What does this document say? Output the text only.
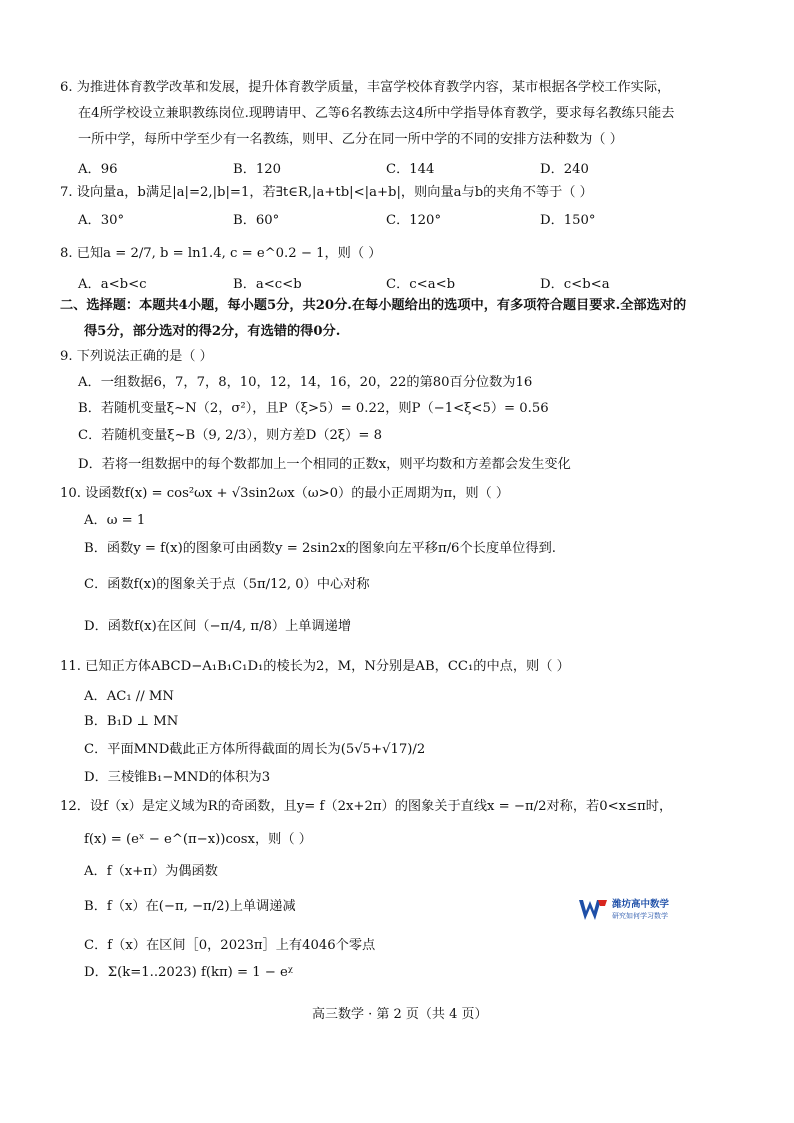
6. 为推进体育教学改革和发展，提升体育教学质量，丰富学校体育教学内容，某市根据各学校工作实际，
在4所学校设立兼职教练岗位.现聘请甲、乙等6名教练去这4所中学指导体育教学，要求每名教练只能去
一所中学，每所中学至少有一名教练，则甲、乙分在同一所中学的不同的安排方法种数为（ ）
A．96	B．120	C．144	D．240
7. 设向量a，b满足|a|=2,|b|=1，若∃t∈R,|a+tb|<|a+b|，则向量a与b的夹角不等于（ ）
A．30°	B．60°	C．120°	D．150°
8. 已知a = 2/7, b = ln1.4, c = e^0.2 − 1，则（ ）
A．a<b<c	B．a<c<b	C．c<a<b	D．c<b<a
二、选择题：本题共4小题，每小题5分，共20分.在每小题给出的选项中，有多项符合题目要求.全部选对的
得5分，部分选对的得2分，有选错的得0分.
9. 下列说法正确的是（ ）
A．一组数据6，7，7，8，10，12，14，16，20，22的第80百分位数为16
B．若随机变量ξ~N（2，σ²），且P（ξ>5）= 0.22，则P（−1<ξ<5）= 0.56
C．若随机变量ξ~B（9, 2/3），则方差D（2ξ）= 8
D．若将一组数据中的每个数都加上一个相同的正数x，则平均数和方差都会发生变化
10. 设函数f(x) = cos²ωx + √3sin2ωx（ω>0）的最小正周期为π，则（ ）
A．ω = 1
B．函数y = f(x)的图象可由函数y = 2sin2x的图象向左平移π/6个长度单位得到.
C．函数f(x)的图象关于点（5π/12, 0）中心对称
D．函数f(x)在区间（−π/4, π/8）上单调递增
11. 已知正方体ABCD−A₁B₁C₁D₁的棱长为2，M，N分别是AB，CC₁的中点，则（ ）
A．AC₁ // MN
B．B₁D ⊥ MN
C．平面MND截此正方体所得截面的周长为(5√5+√17)/2
D．三棱锥B₁−MND的体积为3
12．设f（x）是定义域为R的奇函数，且y= f（2x+2π）的图象关于直线x = −π/2对称，若0<x≤π时，
f(x) = (eˣ − e^(π−x))cosx，则（ ）
A．f（x+π）为偶函数
B．f（x）在(−π, −π/2)上单调递减
C．f（x）在区间［0，2023π］上有4046个零点
D．Σ(k=1..2023) f(kπ) = 1 − eᵡ
潍坊高中数学
研究如何学习数学
高三数学 · 第 2 页（共 4 页）
